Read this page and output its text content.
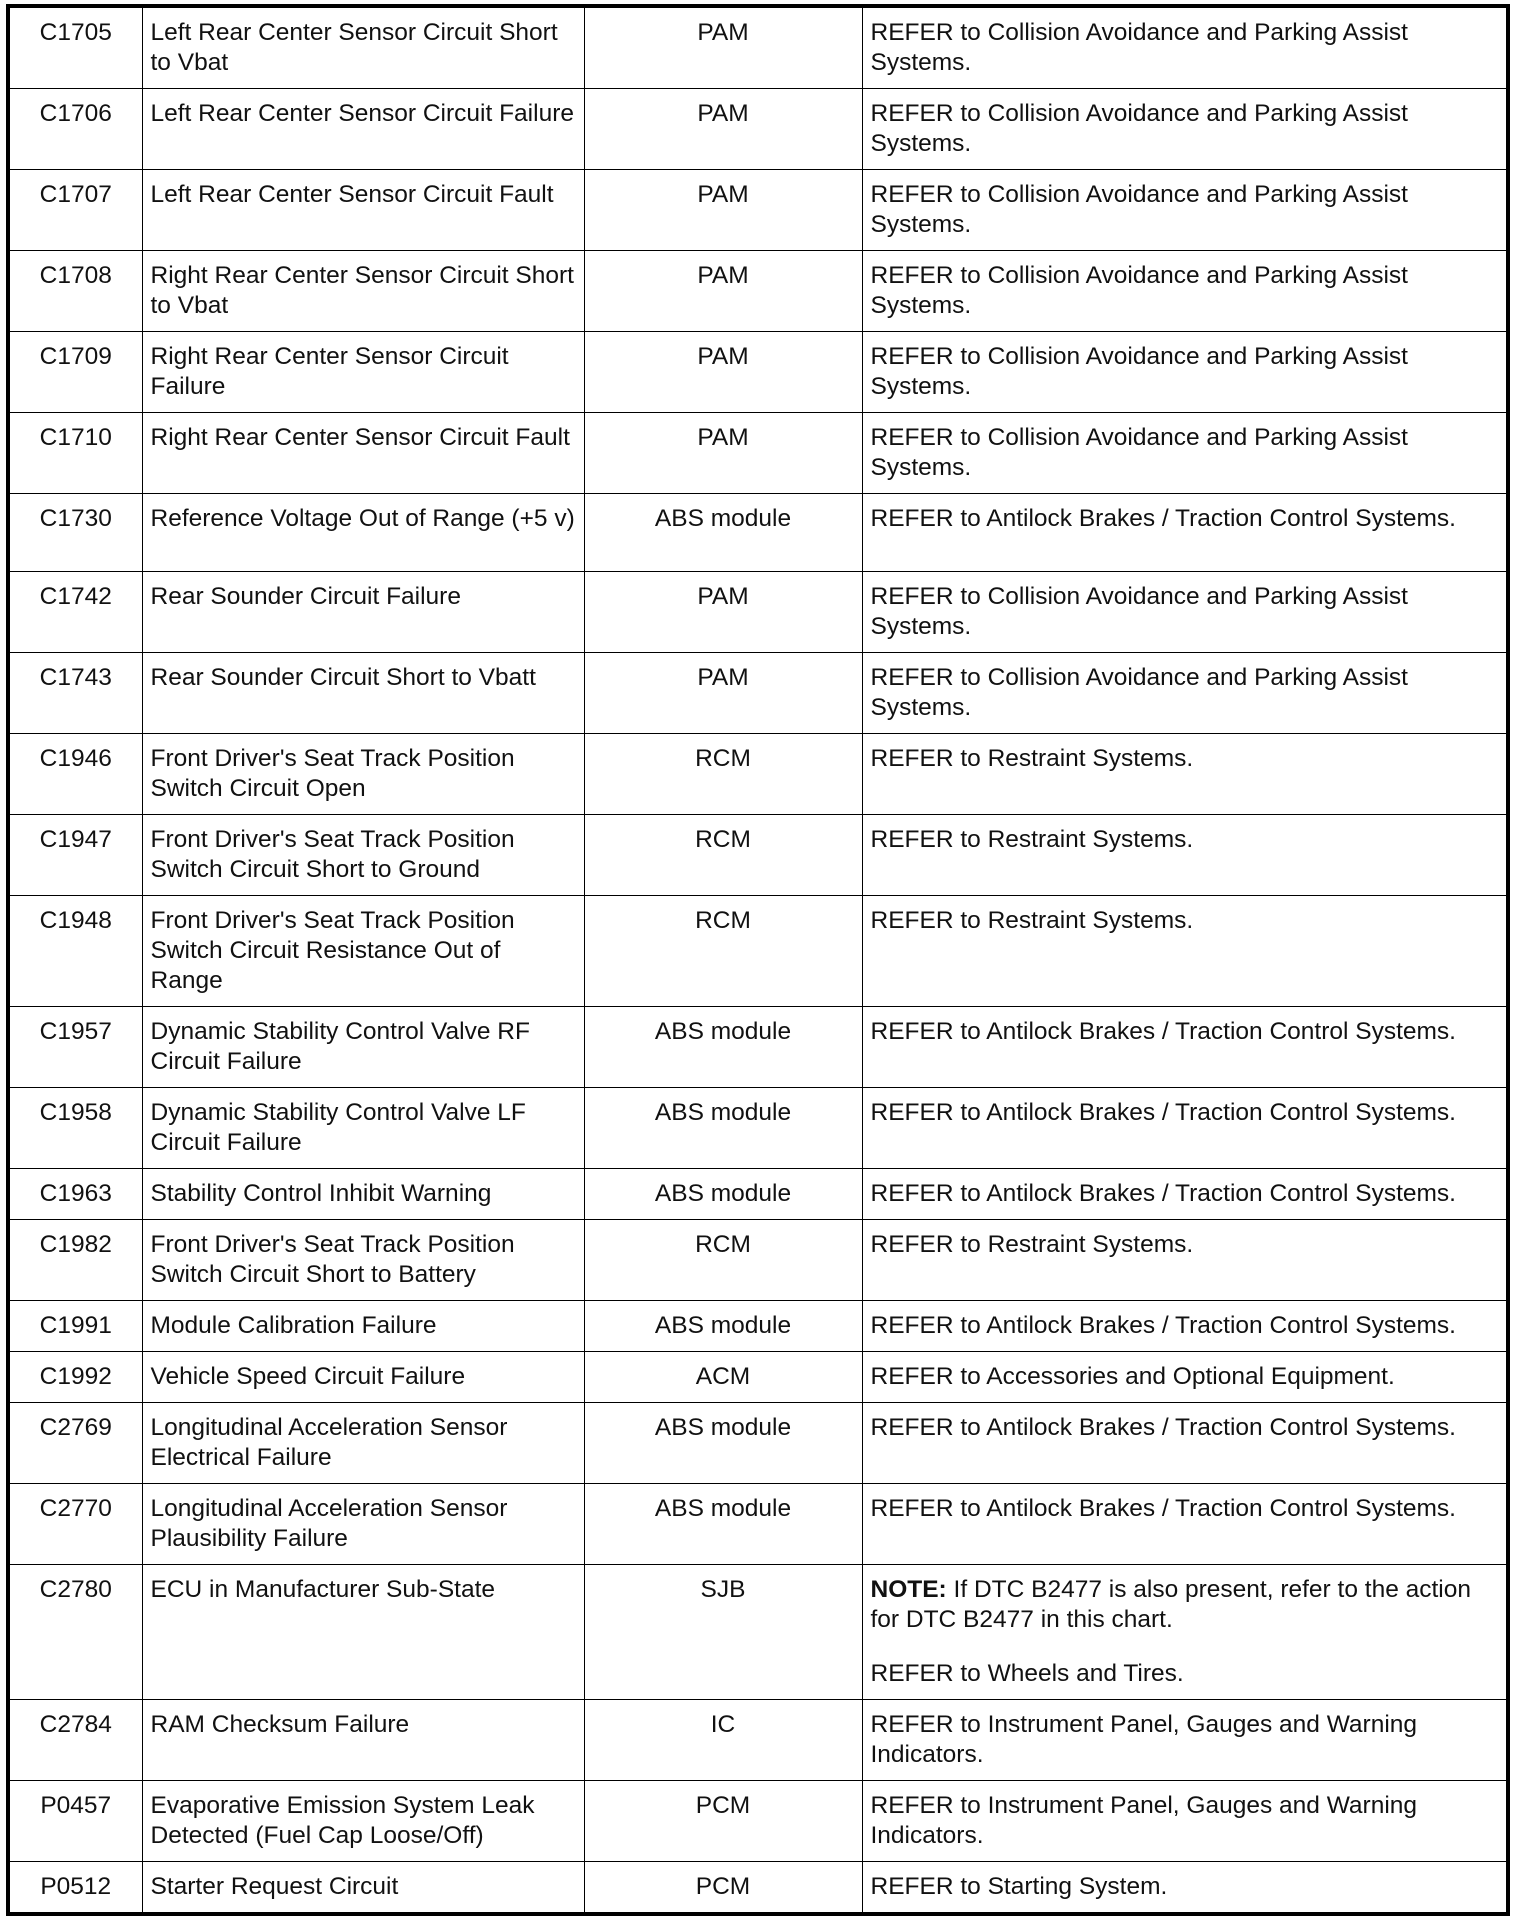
C1705	Left Rear Center Sensor Circuit Short to Vbat	PAM	REFER to Collision Avoidance and Parking Assist Systems.
C1706	Left Rear Center Sensor Circuit Failure	PAM	REFER to Collision Avoidance and Parking Assist Systems.
C1707	Left Rear Center Sensor Circuit Fault	PAM	REFER to Collision Avoidance and Parking Assist Systems.
C1708	Right Rear Center Sensor Circuit Short to Vbat	PAM	REFER to Collision Avoidance and Parking Assist Systems.
C1709	Right Rear Center Sensor Circuit Failure	PAM	REFER to Collision Avoidance and Parking Assist Systems.
C1710	Right Rear Center Sensor Circuit Fault	PAM	REFER to Collision Avoidance and Parking Assist Systems.
C1730	Reference Voltage Out of Range (+5 v)	ABS module	REFER to Antilock Brakes / Traction Control Systems.
C1742	Rear Sounder Circuit Failure	PAM	REFER to Collision Avoidance and Parking Assist Systems.
C1743	Rear Sounder Circuit Short to Vbatt	PAM	REFER to Collision Avoidance and Parking Assist Systems.
C1946	Front Driver's Seat Track Position Switch Circuit Open	RCM	REFER to Restraint Systems.
C1947	Front Driver's Seat Track Position Switch Circuit Short to Ground	RCM	REFER to Restraint Systems.
C1948	Front Driver's Seat Track Position Switch Circuit Resistance Out of Range	RCM	REFER to Restraint Systems.
C1957	Dynamic Stability Control Valve RF Circuit Failure	ABS module	REFER to Antilock Brakes / Traction Control Systems.
C1958	Dynamic Stability Control Valve LF Circuit Failure	ABS module	REFER to Antilock Brakes / Traction Control Systems.
C1963	Stability Control Inhibit Warning	ABS module	REFER to Antilock Brakes / Traction Control Systems.
C1982	Front Driver's Seat Track Position Switch Circuit Short to Battery	RCM	REFER to Restraint Systems.
C1991	Module Calibration Failure	ABS module	REFER to Antilock Brakes / Traction Control Systems.
C1992	Vehicle Speed Circuit Failure	ACM	REFER to Accessories and Optional Equipment.
C2769	Longitudinal Acceleration Sensor Electrical Failure	ABS module	REFER to Antilock Brakes / Traction Control Systems.
C2770	Longitudinal Acceleration Sensor Plausibility Failure	ABS module	REFER to Antilock Brakes / Traction Control Systems.
C2780	ECU in Manufacturer Sub-State	SJB	NOTE: If DTC B2477 is also present, refer to the action for DTC B2477 in this chart.
REFER to Wheels and Tires.

C2784	RAM Checksum Failure	IC	REFER to Instrument Panel, Gauges and Warning Indicators.
P0457	Evaporative Emission System Leak Detected (Fuel Cap Loose/Off)	PCM	REFER to Instrument Panel, Gauges and Warning Indicators.
P0512	Starter Request Circuit	PCM	REFER to Starting System.
